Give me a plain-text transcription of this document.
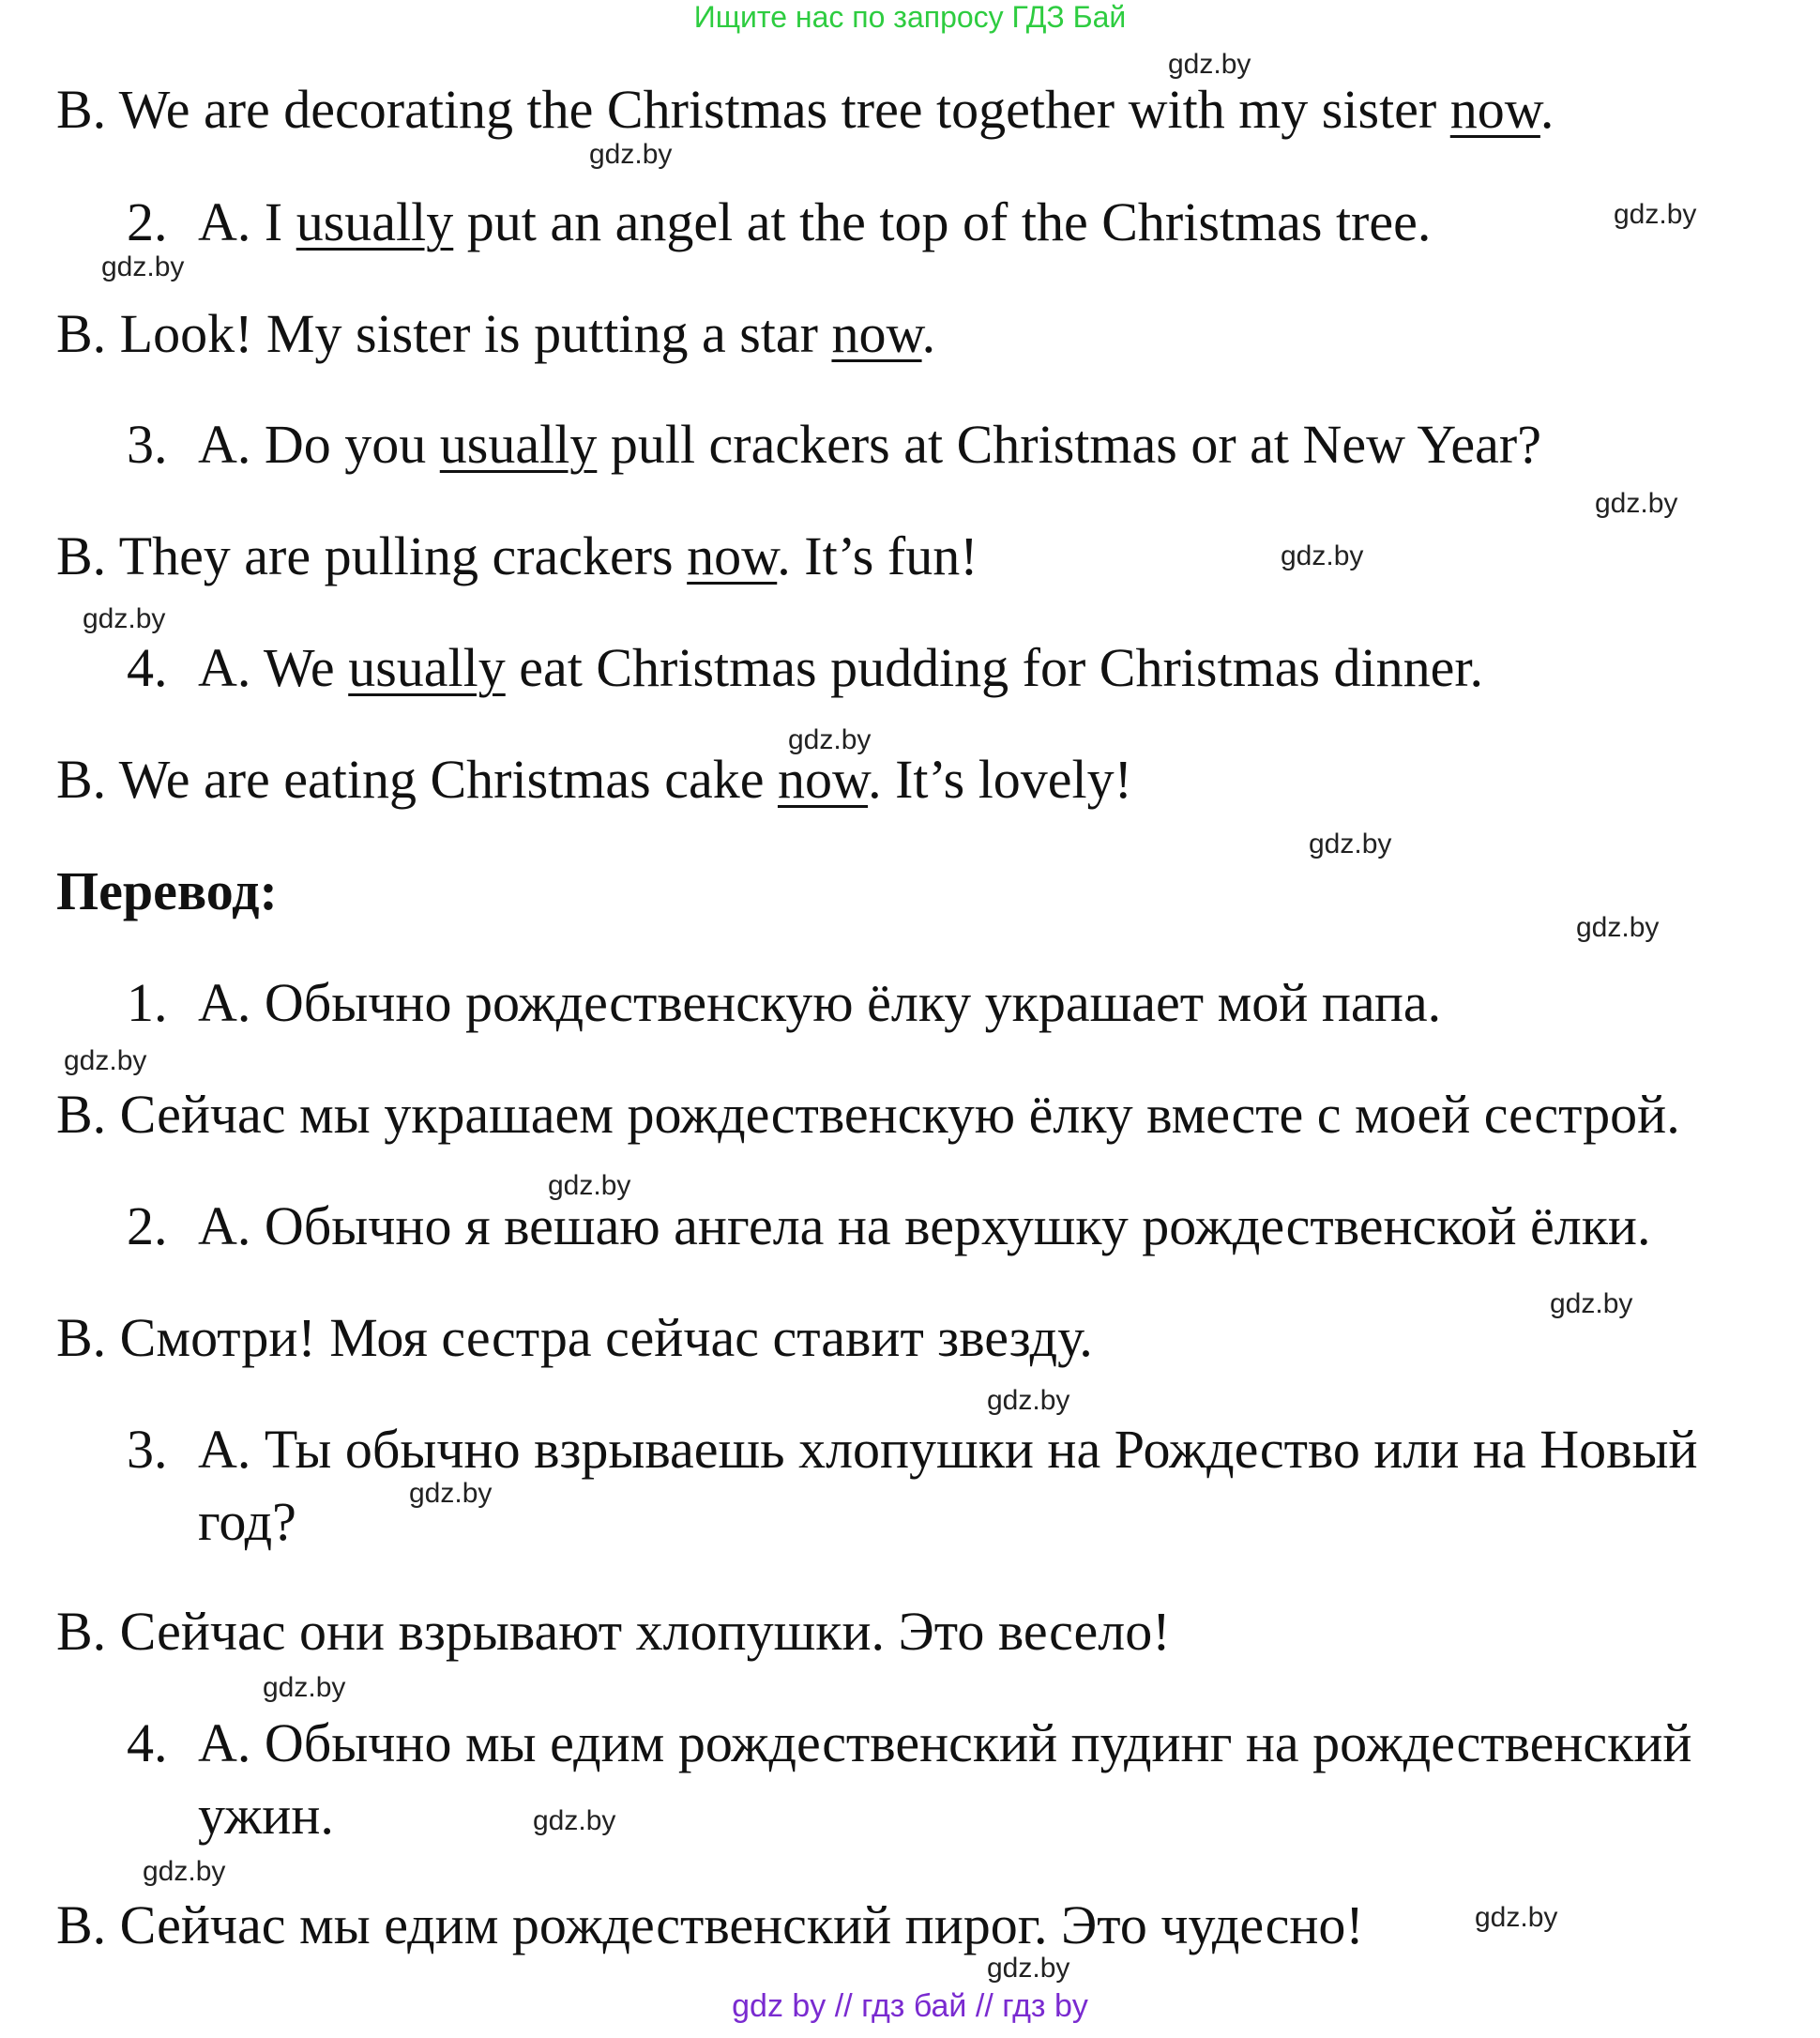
Ищите нас по запросу ГДЗ Бай
B. We are decorating the Christmas tree together with my sister now.
2. A. I usually put an angel at the top of the Christmas tree.
B. Look! My sister is putting a star now.
3. A. Do you usually pull crackers at Christmas or at New Year?
B. They are pulling crackers now. It’s fun!
4. A. We usually eat Christmas pudding for Christmas dinner.
B. We are eating Christmas cake now. It’s lovely!
Перевод:
1. А. Обычно рождественскую ёлку украшает мой папа.
В. Сейчас мы украшаем рождественскую ёлку вместе с моей сестрой.
2. А. Обычно я вешаю ангела на верхушку рождественской ёлки.
В. Смотри! Моя сестра сейчас ставит звезду.
3. А. Ты обычно взрываешь хлопушки на Рождество или на Новый
год?
В. Сейчас они взрывают хлопушки. Это весело!
4. А. Обычно мы едим рождественский пудинг на рождественский
ужин.
В. Сейчас мы едим рождественский пирог. Это чудесно!
gdz.by
gdz.by
gdz.by
gdz.by
gdz.by
gdz.by
gdz.by
gdz.by
gdz.by
gdz.by
gdz.by
gdz.by
gdz.by
gdz.by
gdz.by
gdz.by
gdz.by
gdz.by
gdz.by
gdz.by
gdz by // гдз бай // гдз by
